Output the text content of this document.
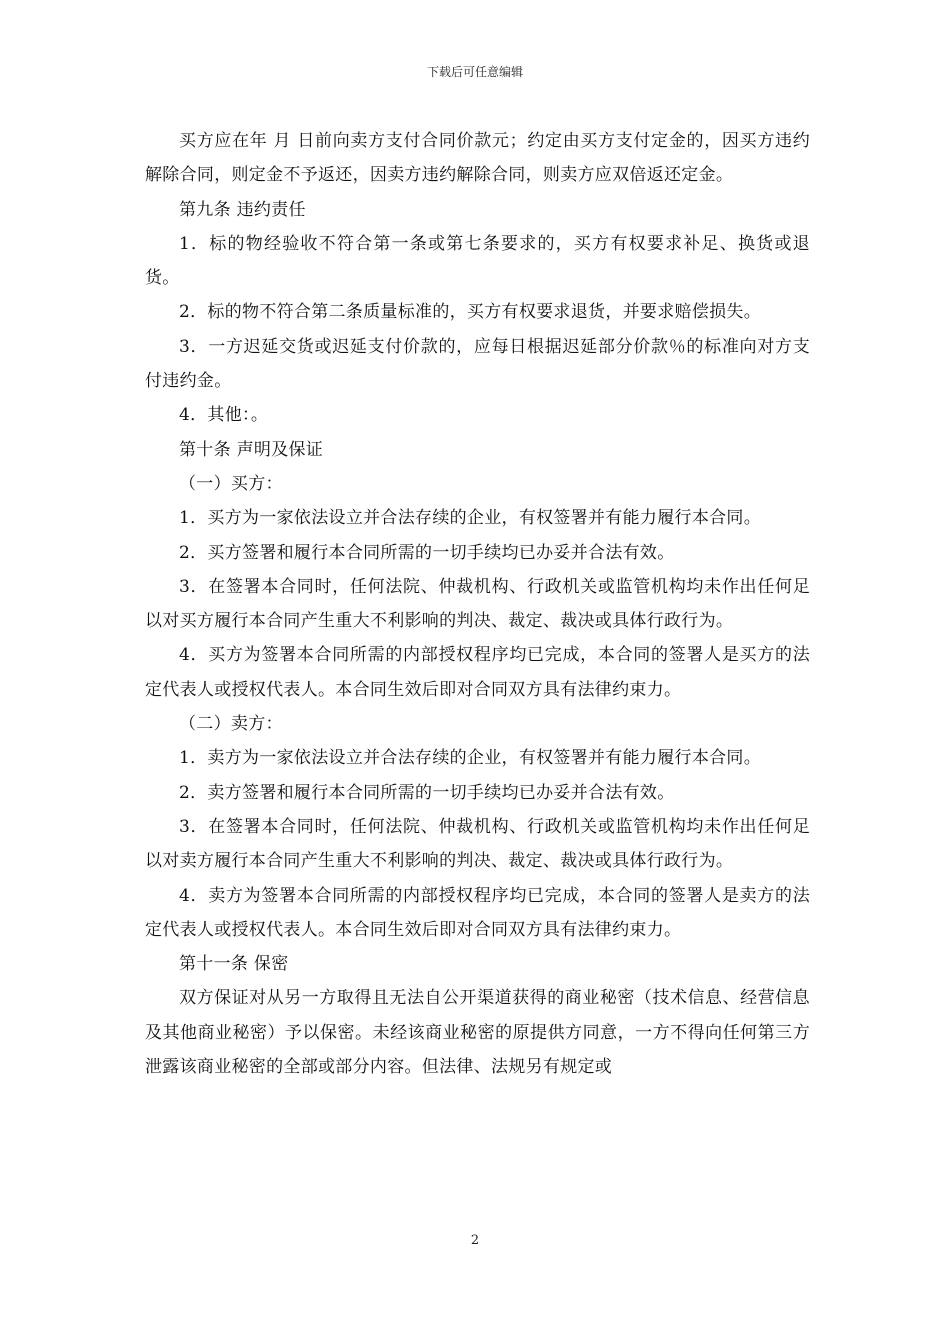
下载后可任意编辑

买方应在年 月 日前向卖方支付合同价款元；约定由买方支付定金的，因买方违约解除合同，则定金不予返还，因卖方违约解除合同，则卖方应双倍返还定金。

第九条 违约责任

1．标的物经验收不符合第一条或第七条要求的，买方有权要求补足、换货或退货。

2．标的物不符合第二条质量标准的，买方有权要求退货，并要求赔偿损失。

3．一方迟延交货或迟延支付价款的，应每日根据迟延部分价款％的标准向对方支付违约金。

4．其他：。

第十条 声明及保证

（一）买方：

1．买方为一家依法设立并合法存续的企业，有权签署并有能力履行本合同。

2．买方签署和履行本合同所需的一切手续均已办妥并合法有效。

3．在签署本合同时，任何法院、仲裁机构、行政机关或监管机构均未作出任何足以对买方履行本合同产生重大不利影响的判决、裁定、裁决或具体行政行为。

4．买方为签署本合同所需的内部授权程序均已完成，本合同的签署人是买方的法定代表人或授权代表人。本合同生效后即对合同双方具有法律约束力。

（二）卖方：

1．卖方为一家依法设立并合法存续的企业，有权签署并有能力履行本合同。

2．卖方签署和履行本合同所需的一切手续均已办妥并合法有效。

3．在签署本合同时，任何法院、仲裁机构、行政机关或监管机构均未作出任何足以对卖方履行本合同产生重大不利影响的判决、裁定、裁决或具体行政行为。

4．卖方为签署本合同所需的内部授权程序均已完成，本合同的签署人是卖方的法定代表人或授权代表人。本合同生效后即对合同双方具有法律约束力。

第十一条 保密

双方保证对从另一方取得且无法自公开渠道获得的商业秘密（技术信息、经营信息及其他商业秘密）予以保密。未经该商业秘密的原提供方同意，一方不得向任何第三方泄露该商业秘密的全部或部分内容。但法律、法规另有规定或

2
